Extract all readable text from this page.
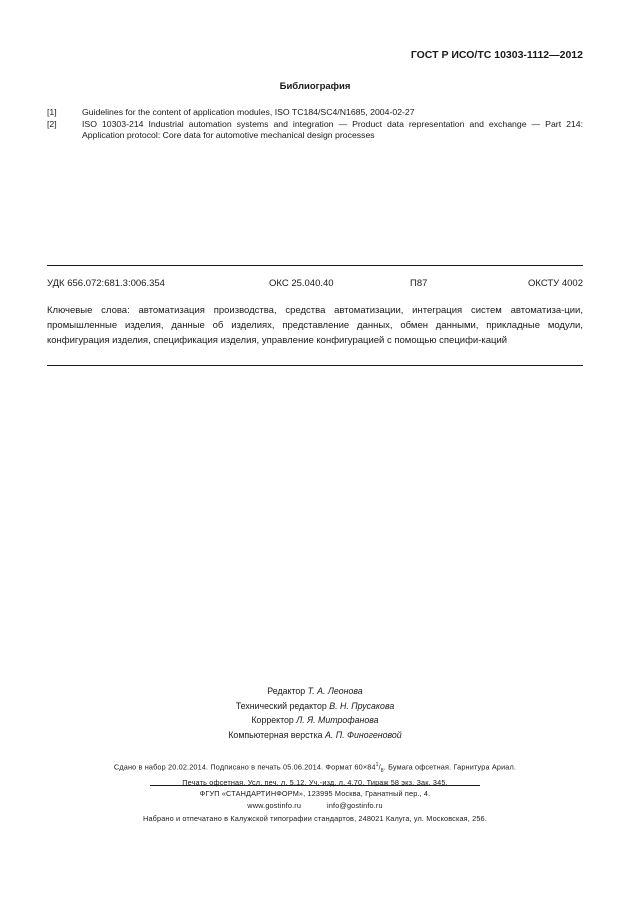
ГОСТ Р ИСО/ТС 10303-1112—2012
Библиография
[1]	Guidelines for the content of application modules, ISO TC184/SC4/N1685, 2004-02-27
[2]	ISO 10303-214 Industrial automation systems and integration — Product data representation and exchange — Part 214: Application protocol: Core data for automotive mechanical design processes
УДК 656.072:681.3:006.354	ОКС 25.040.40	П87	ОКСТУ 4002
Ключевые слова: автоматизация производства, средства автоматизации, интеграция систем автоматиза-ции, промышленные изделия, данные об изделиях, представление данных, обмен данными, прикладные модули, конфигурация изделия, спецификация изделия, управление конфигурацией с помощью специфи-каций
Редактор Т. А. Леонова
Технический редактор В. Н. Прусакова
Корректор Л. Я. Митрофанова
Компьютерная верстка А. П. Финогеновой
Сдано в набор 20.02.2014. Подписано в печать 05.06.2014. Формат $60\times 84^1/_8$. Бумага офсетная. Гарнитура Ариал.
Печать офсетная. Усл. печ. л. 5,12. Уч.-изд. л. 4,70. Тираж 58 экз. Зак. 345.
ФГУП «СТАНДАРТИНФОРМ», 123995 Москва, Гранатный пер., 4.
www.gostinfo.ru	info@gostinfo.ru
Набрано и отпечатано в Калужской типографии стандартов, 248021 Калуга, ул. Московская, 256.
